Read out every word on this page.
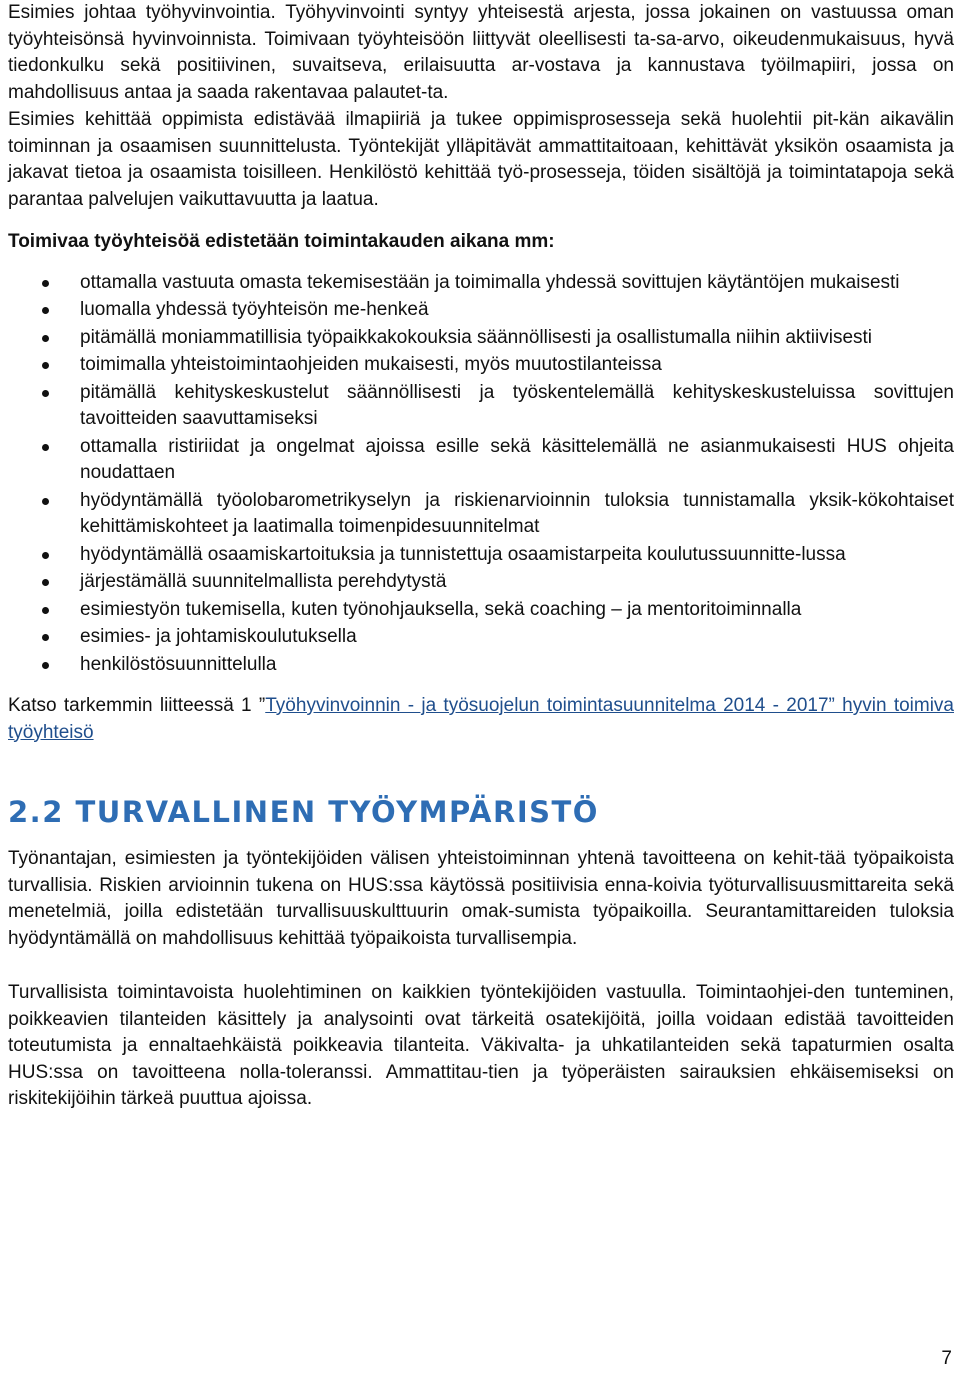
Esimies johtaa työhyvinvointia. Työhyvinvointi syntyy yhteisestä arjesta, jossa jokainen on vastuussa oman työyhteisönsä hyvinvoinnista. Toimivaan työyhteisöön liittyvät oleellisesti ta-sa-arvo, oikeudenmukaisuus, hyvä tiedonkulku sekä positiivinen, suvaitseva, erilaisuutta ar-vostava ja kannustava työilmapiiri, jossa on mahdollisuus antaa ja saada rakentavaa palautet-ta.

Esimies kehittää oppimista edistävää ilmapiiriä ja tukee oppimisprosesseja sekä huolehtii pit-kän aikavälin toiminnan ja osaamisen suunnittelusta. Työntekijät ylläpitävät ammattitaitoaan, kehittävät yksikön osaamista ja jakavat tietoa ja osaamista toisilleen. Henkilöstö kehittää työ-prosesseja, töiden sisältöjä ja toimintatapoja sekä parantaa palvelujen vaikuttavuutta ja laatua.

Toimivaa työyhteisöä edistetään toimintakauden aikana mm:

ottamalla vastuuta omasta tekemisestään ja toimimalla yhdessä sovittujen käytäntöjen mukaisesti
luomalla yhdessä työyhteisön me-henkeä
pitämällä moniammatillisia työpaikkakokouksia säännöllisesti ja osallistumalla niihin aktiivisesti
toimimalla yhteistoimintaohjeiden mukaisesti, myös muutostilanteissa
pitämällä kehityskeskustelut säännöllisesti ja työskentelemällä kehityskeskusteluissa sovittujen tavoitteiden saavuttamiseksi
ottamalla ristiriidat ja ongelmat ajoissa esille sekä käsittelemällä ne asianmukaisesti HUS ohjeita noudattaen
hyödyntämällä työolobarometrikyselyn ja riskienarvioinnin tuloksia tunnistamalla yksik-kökohtaiset kehittämiskohteet ja laatimalla toimenpidesuunnitelmat
hyödyntämällä osaamiskartoituksia ja tunnistettuja osaamistarpeita koulutussuunnitte-lussa
järjestämällä suunnitelmallista perehdytystä
esimiestyön tukemisella, kuten työnohjauksella, sekä coaching – ja mentoritoiminnalla
esimies- ja johtamiskoulutuksella
henkilöstösuunnittelulla

Katso tarkemmin liitteessä 1 ”Työhyvinvoinnin - ja työsuojelun toimintasuunnitelma 2014 - 2017” hyvin toimiva työyhteisö

2.2 TURVALLINEN TYÖYMPÄRISTÖ

Työnantajan, esimiesten ja työntekijöiden välisen yhteistoiminnan yhtenä tavoitteena on kehit-tää työpaikoista turvallisia. Riskien arvioinnin tukena on HUS:ssa käytössä positiivisia enna-koivia työturvallisuusmittareita sekä menetelmiä, joilla edistetään turvallisuuskulttuurin omak-sumista työpaikoilla. Seurantamittareiden tuloksia hyödyntämällä on mahdollisuus kehittää työpaikoista turvallisempia.

Turvallisista toimintavoista huolehtiminen on kaikkien työntekijöiden vastuulla. Toimintaohjei-den tunteminen, poikkeavien tilanteiden käsittely ja analysointi ovat tärkeitä osatekijöitä, joilla voidaan edistää tavoitteiden toteutumista ja ennaltaehkäistä poikkeavia tilanteita. Väkivalta- ja uhkatilanteiden sekä tapaturmien osalta HUS:ssa on tavoitteena nolla-toleranssi. Ammattitau-tien ja työperäisten sairauksien ehkäisemiseksi on riskitekijöihin tärkeä puuttua ajoissa.

7
